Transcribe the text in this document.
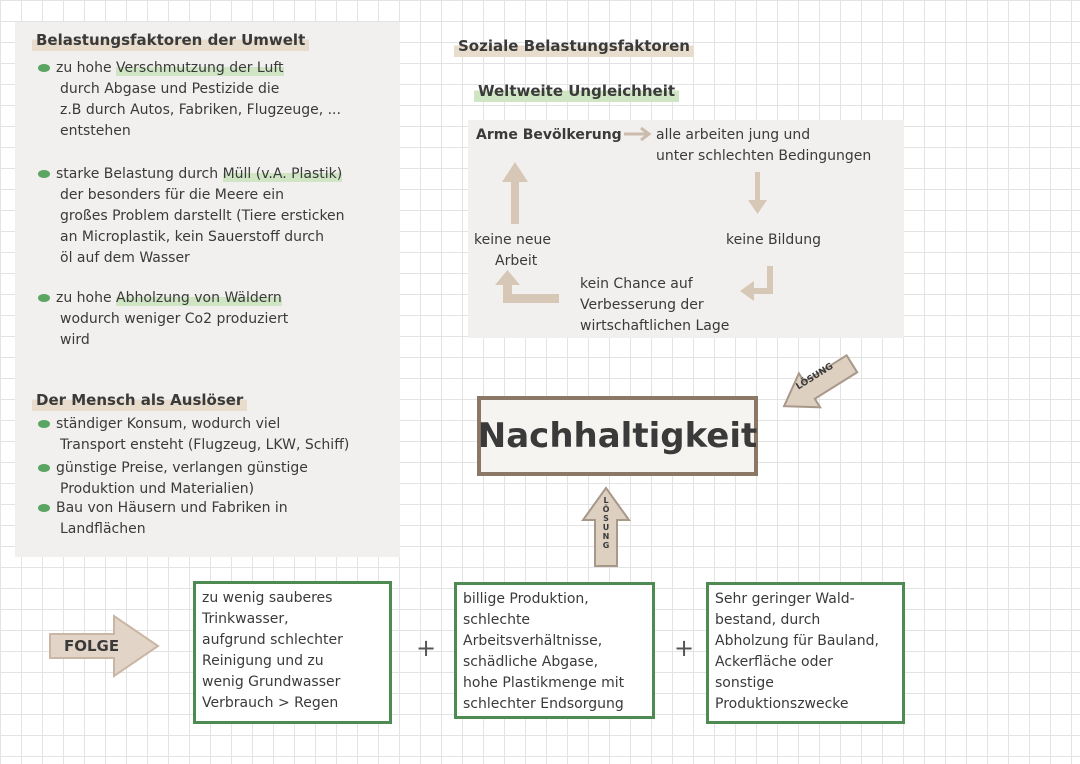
Belastungsfaktoren der Umwelt
zu hohe Verschmutzung der Luft
durch Abgase und Pestizide die
z.B durch Autos, Fabriken, Flugzeuge, ...
entstehen
starke Belastung durch Müll (v.A. Plastik)
der besonders für die Meere ein
großes Problem darstellt (Tiere ersticken
an Microplastik, kein Sauerstoff durch
öl auf dem Wasser
zu hohe Abholzung von Wäldern
wodurch weniger Co2 produziert
wird
Der Mensch als Auslöser
ständiger Konsum, wodurch viel
Transport ensteht (Flugzeug, LKW, Schiff)
günstige Preise, verlangen günstige
Produktion und Materialien)
Bau von Häusern und Fabriken in
Landflächen
Soziale Belastungsfaktoren
Weltweite Ungleichheit
Arme Bevölkerung alle arbeiten jung und
unter schlechten Bedingungen
keine Bildung
kein Chance auf
Verbesserung der
wirtschaftlichen Lage
keine neue
Arbeit
LÖSUNG
LÖSUNG
FOLGE
Nachhaltigkeit
zu wenig sauberes
Trinkwasser,
aufgrund schlechter
Reinigung und zu
wenig Grundwasser
Verbrauch > Regen
billige Produktion,
schlechte
Arbeitsverhältnisse,
schädliche Abgase,
hohe Plastikmenge mit
schlechter Endsorgung
Sehr geringer Wald-
bestand, durch
Abholzung für Bauland,
Ackerfläche oder
sonstige
Produktionszwecke
+	+
